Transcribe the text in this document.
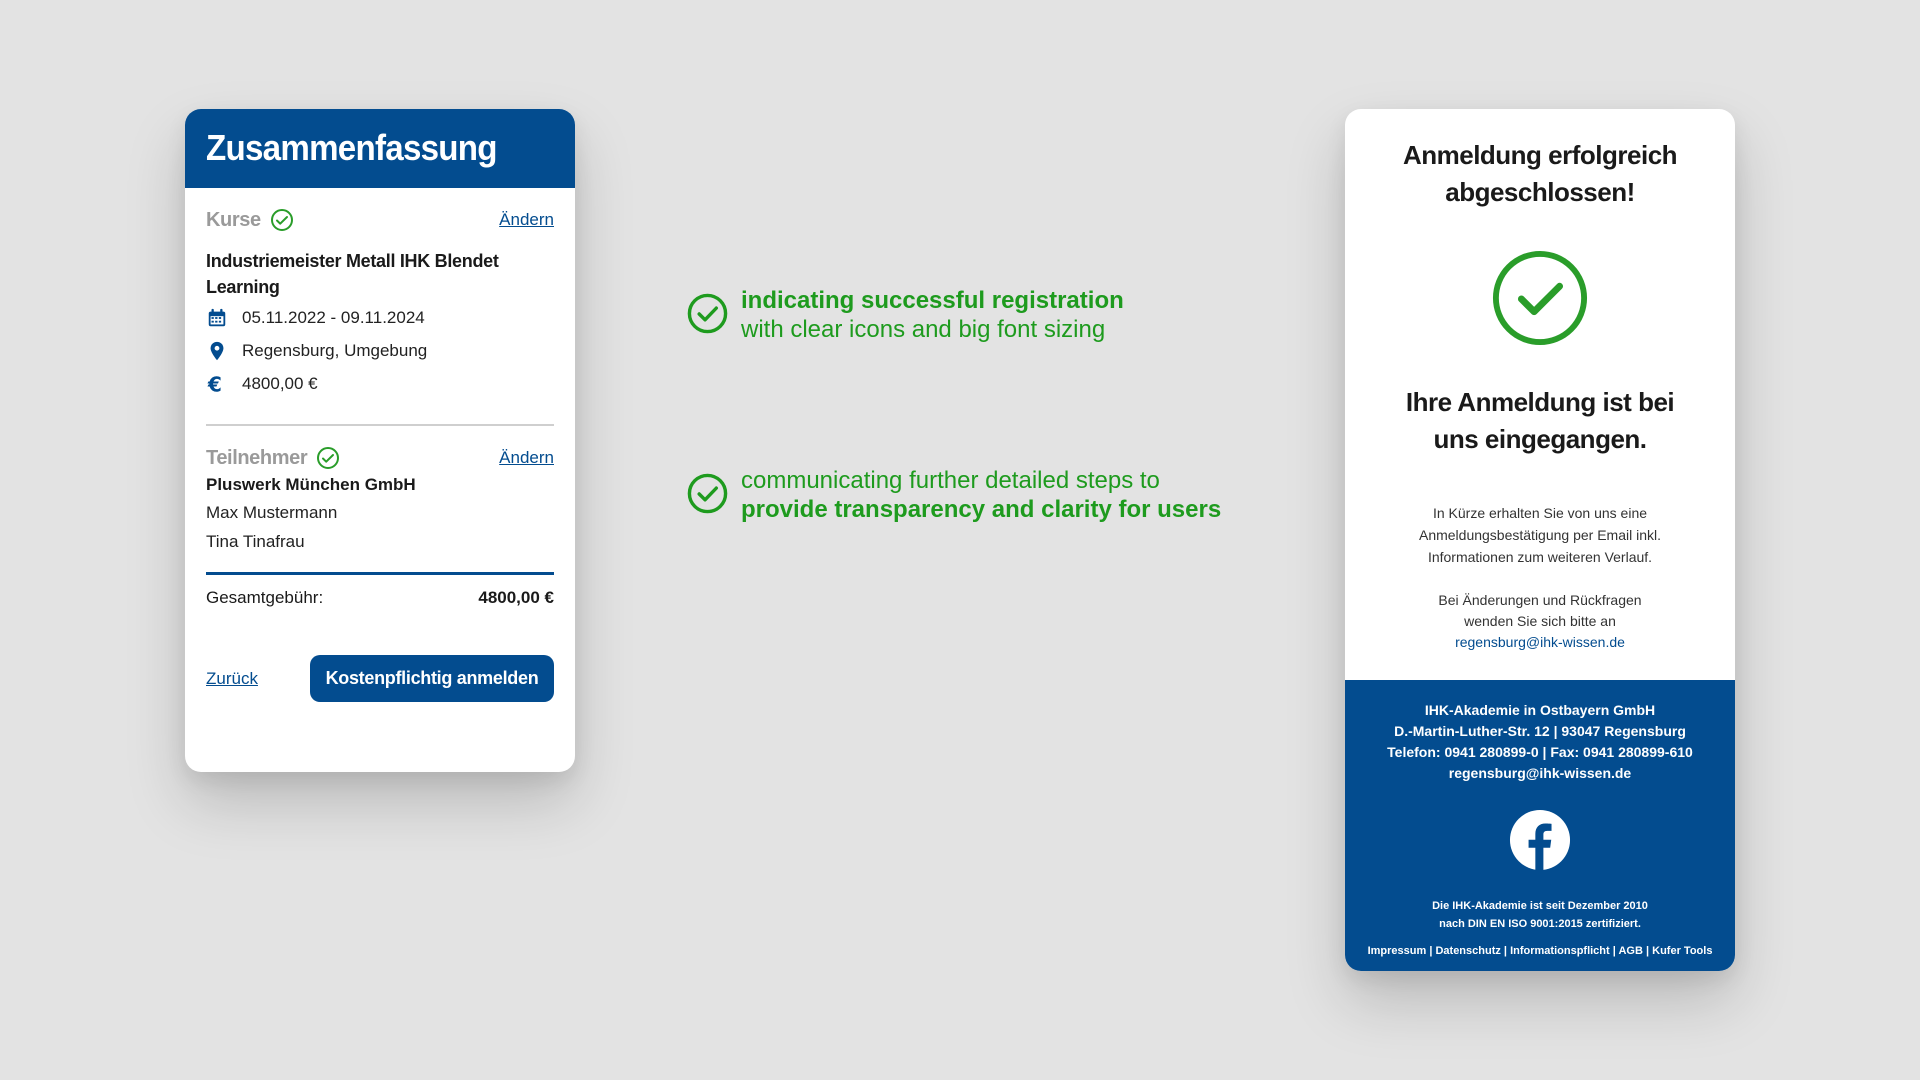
Zusammenfassung
Kurse	Ändern
Industriemeister Metall IHK Blendet Learning
05.11.2022 - 09.11.2024
Regensburg, Umgebung
€ 4800,00 €
Teilnehmer	Ändern
Pluswerk München GmbH
Max Mustermann
Tina Tinafrau
Gesamtgebühr:	4800,00 €
Zurück	Kostenpflichtig anmelden
indicating successful registration
with clear icons and big font sizing
communicating further detailed steps to
provide transparency and clarity for users
Anmeldung erfolgreich
abgeschlossen!
Ihre Anmeldung ist bei
uns eingegangen.
In Kürze erhalten Sie von uns eine
Anmeldungsbestätigung per Email inkl.
Informationen zum weiteren Verlauf.
Bei Änderungen und Rückfragen
wenden Sie sich bitte an
regensburg@ihk-wissen.de
IHK-Akademie in Ostbayern GmbH
D.-Martin-Luther-Str. 12 | 93047 Regensburg
Telefon: 0941 280899-0 | Fax: 0941 280899-610
regensburg@ihk-wissen.de
Die IHK-Akademie ist seit Dezember 2010
nach DIN EN ISO 9001:2015 zertifiziert.
Impressum | Datenschutz | Informationspflicht | AGB | Kufer Tools
